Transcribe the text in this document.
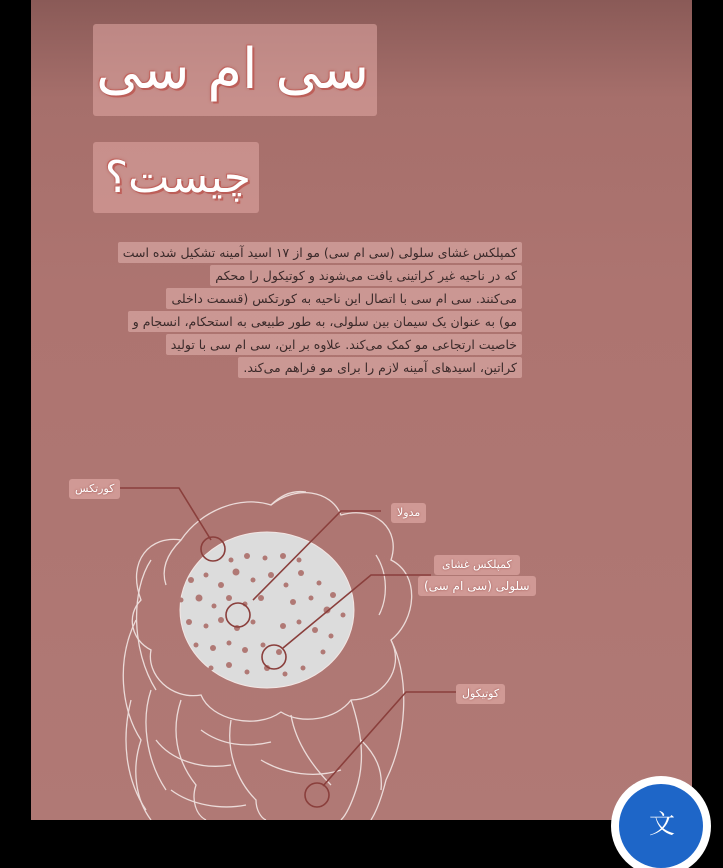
سی ام سی
چیست؟
کمپلکس غشای سلولی (سی ام سی) مو از ۱۷ اسید آمینه تشکیل شده است
که در ناحیه غیر کراتینی یافت می‌شوند و کوتیکول را محکم
می‌کنند. سی ام سی با اتصال این ناحیه به کورتکس (قسمت داخلی
مو) به عنوان یک سیمان بین سلولی، به طور طبیعی به استحکام، انسجام و
خاصیت ارتجاعی مو کمک می‌کند. علاوه بر این، سی ام سی با تولید
کراتین، اسیدهای آمینه لازم را برای مو فراهم می‌کند.
کورتکس
مدولا
کمپلکس غشای
سلولی (سی ام سی)
کوتیکول
文
